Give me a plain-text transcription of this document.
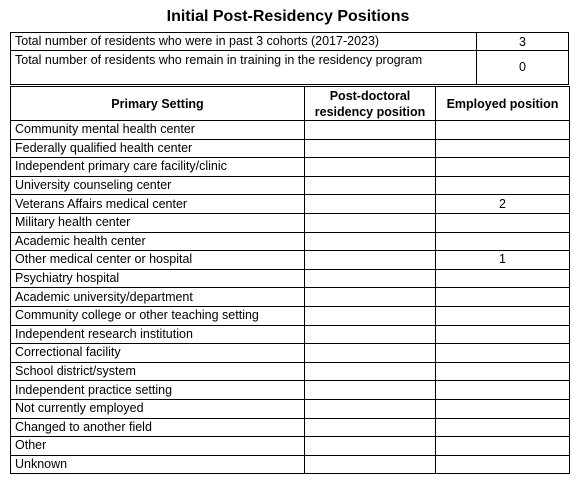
Initial Post-Residency Positions
Total number of residents who were in past 3 cohorts (2017-2023)	3
Total number of residents who remain in training in the residency program	0
Primary Setting	Post-doctoral residency position	Employed position
Community mental health center		
Federally qualified health center		
Independent primary care facility/clinic		
University counseling center		
Veterans Affairs medical center		2
Military health center		
Academic health center		
Other medical center or hospital		1
Psychiatry hospital		
Academic university/department		
Community college or other teaching setting		
Independent research institution		
Correctional facility		
School district/system		
Independent practice setting		
Not currently employed		
Changed to another field		
Other		
Unknown		
